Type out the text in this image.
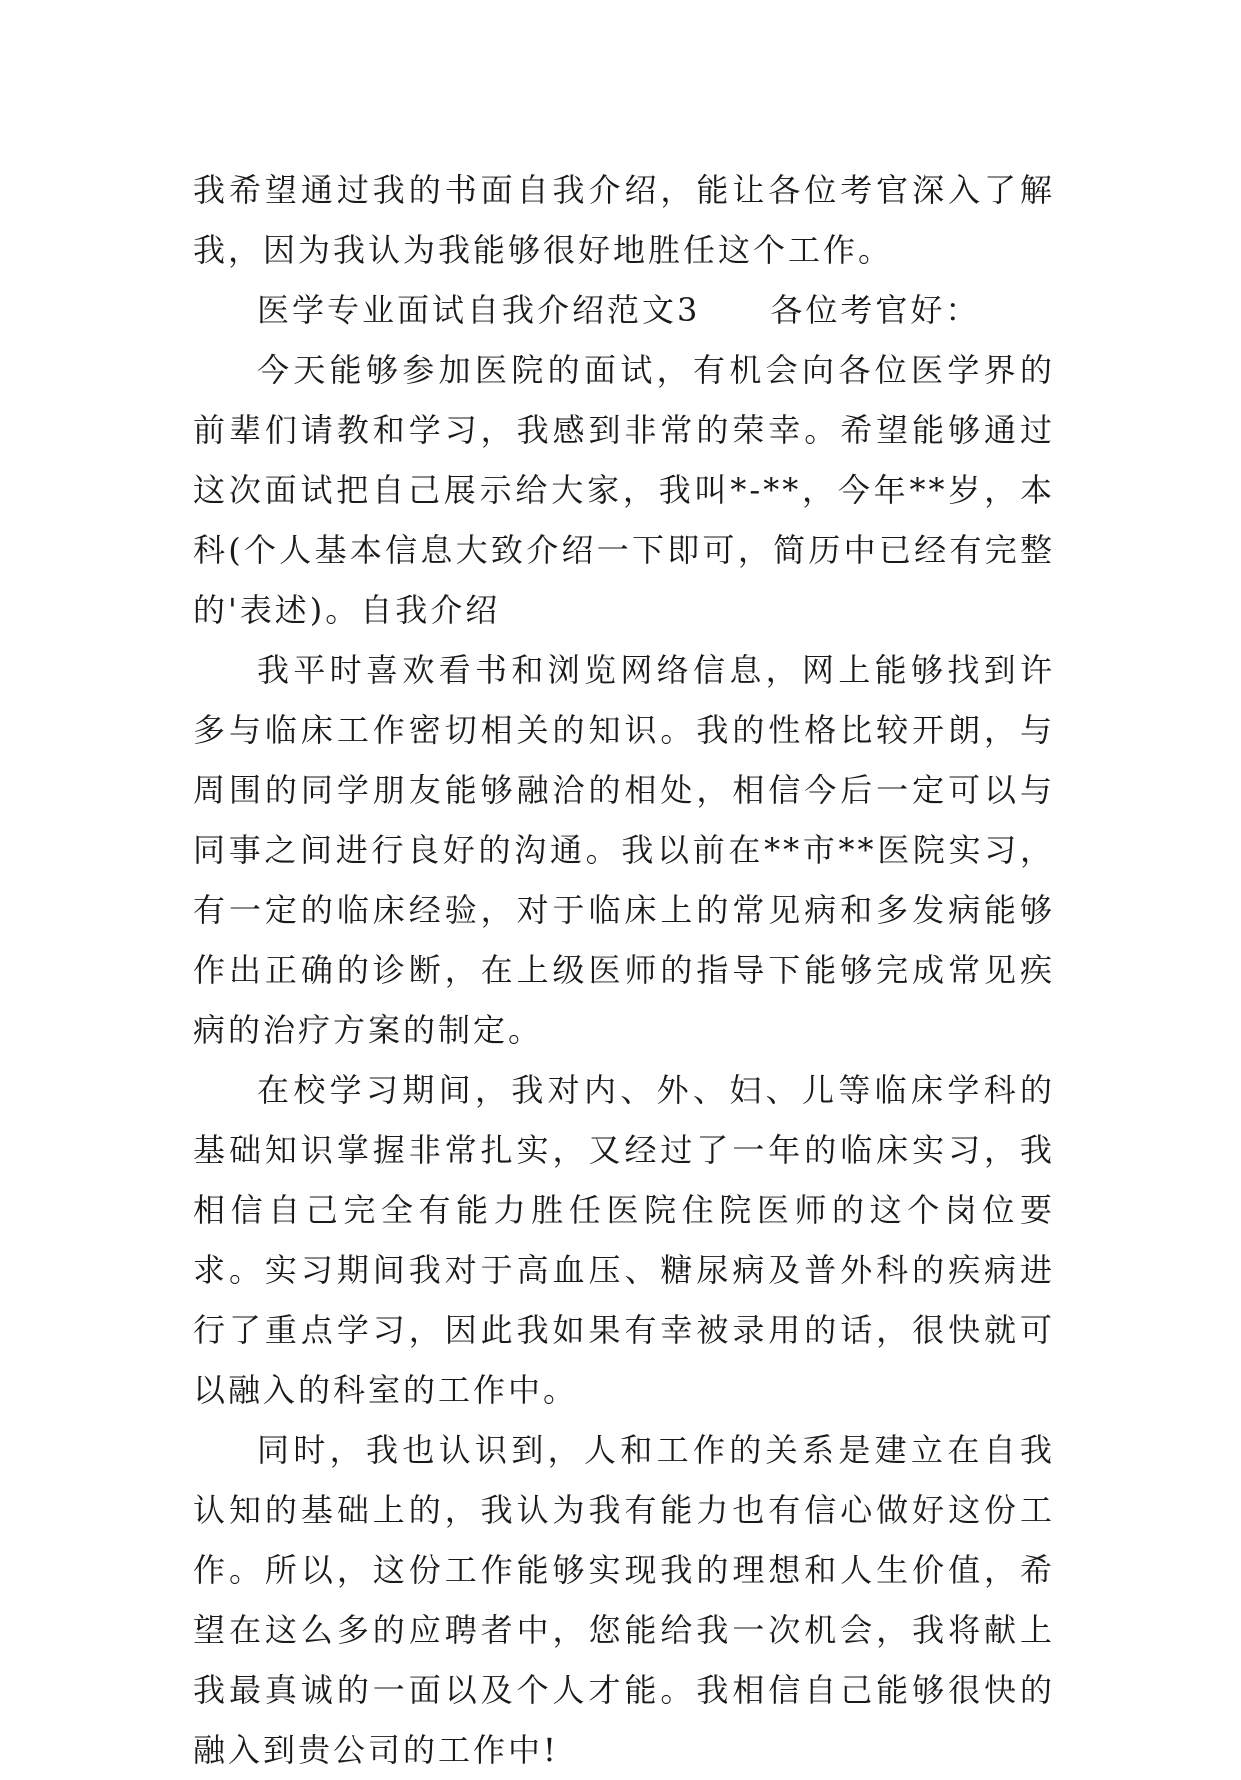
我希望通过我的书面自我介绍，能让各位考官深入了解我，因为我认为我能够很好地胜任这个工作。

医学专业面试自我介绍范文3　　各位考官好：

今天能够参加医院的面试，有机会向各位医学界的前辈们请教和学习，我感到非常的荣幸。希望能够通过这次面试把自己展示给大家，我叫*-**，今年**岁，本科(个人基本信息大致介绍一下即可，简历中已经有完整的'表述)。自我介绍

我平时喜欢看书和浏览网络信息，网上能够找到许多与临床工作密切相关的知识。我的性格比较开朗，与周围的同学朋友能够融洽的相处，相信今后一定可以与同事之间进行良好的沟通。我以前在**市**医院实习，有一定的临床经验，对于临床上的常见病和多发病能够作出正确的诊断，在上级医师的指导下能够完成常见疾病的治疗方案的制定。

在校学习期间，我对内、外、妇、儿等临床学科的基础知识掌握非常扎实，又经过了一年的临床实习，我相信自己完全有能力胜任医院住院医师的这个岗位要求。实习期间我对于高血压、糖尿病及普外科的疾病进行了重点学习，因此我如果有幸被录用的话，很快就可以融入的科室的工作中。

同时，我也认识到，人和工作的关系是建立在自我认知的基础上的，我认为我有能力也有信心做好这份工作。所以，这份工作能够实现我的理想和人生价值，希望在这么多的应聘者中，您能给我一次机会，我将献上我最真诚的一面以及个人才能。我相信自己能够很快的融入到贵公司的工作中!
